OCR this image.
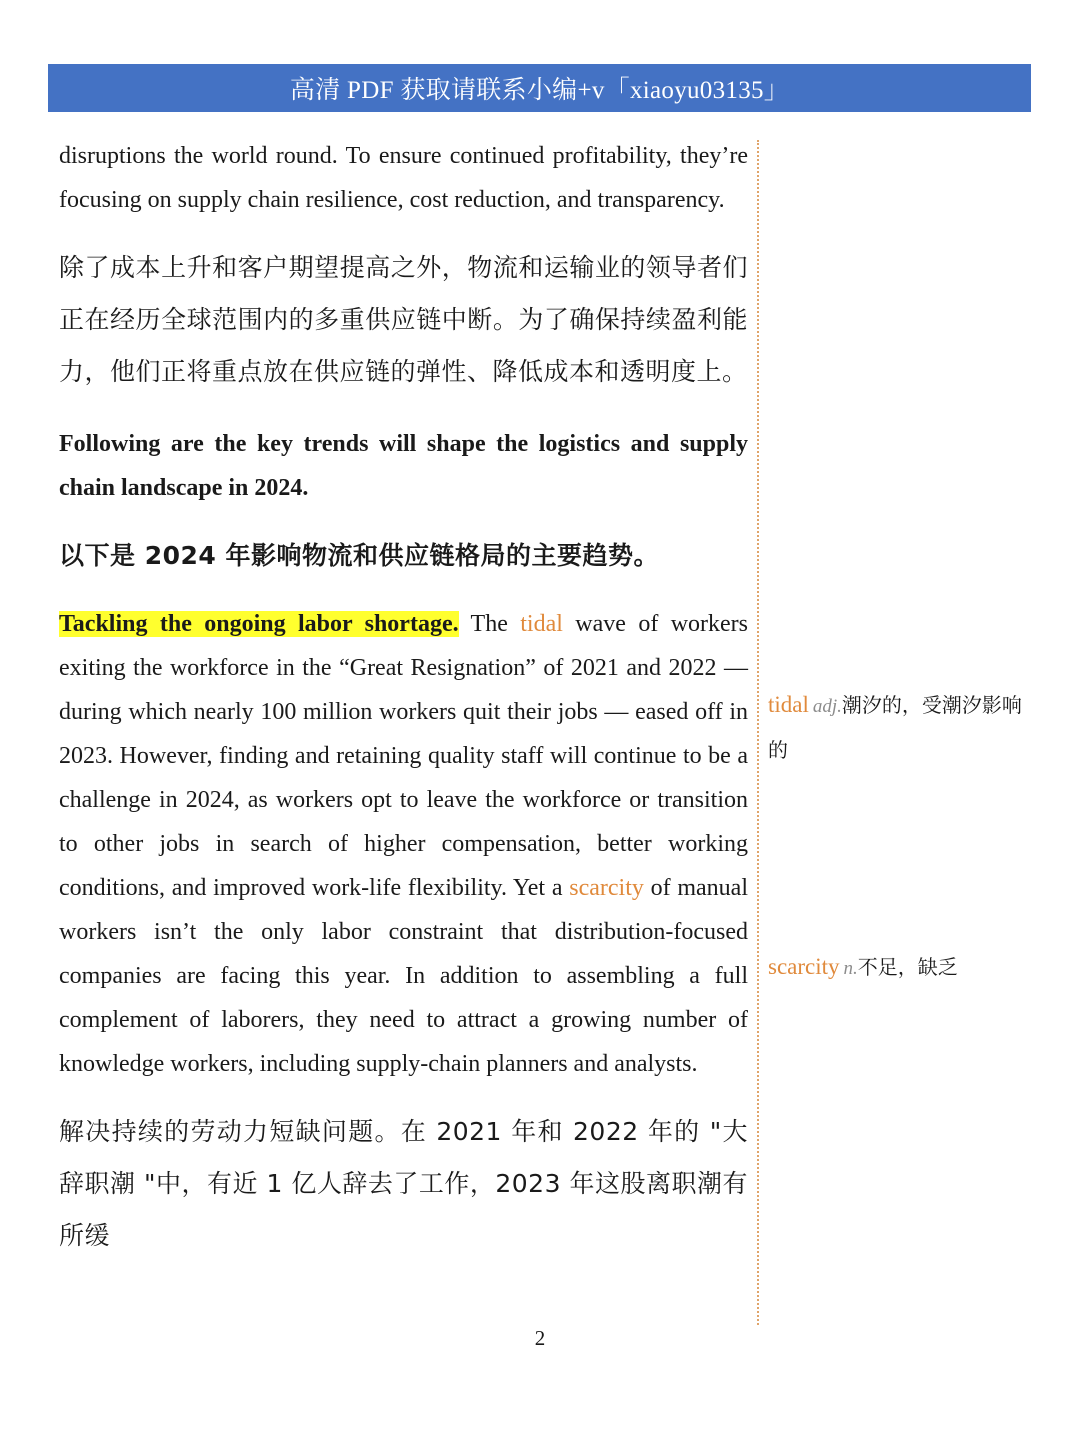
高清 PDF 获取请联系小编+v「xiaoyu03135」

disruptions the world round. To ensure continued profitability, they’re focusing on supply chain resilience, cost reduction, and transparency.

除了成本上升和客户期望提高之外，物流和运输业的领导者们正在经历全球范围内的多重供应链中断。为了确保持续盈利能力，他们正将重点放在供应链的弹性、降低成本和透明度上。

Following are the key trends will shape the logistics and supply chain landscape in 2024.

以下是 2024 年影响物流和供应链格局的主要趋势。

Tackling the ongoing labor shortage. The tidal wave of workers exiting the workforce in the “Great Resignation” of 2021 and 2022 — during which nearly 100 million workers quit their jobs — eased off in 2023. However, finding and retaining quality staff will continue to be a challenge in 2024, as workers opt to leave the workforce or transition to other jobs in search of higher compensation, better working conditions, and improved work-life flexibility. Yet a scarcity of manual workers isn’t the only labor constraint that distribution-focused companies are facing this year. In addition to assembling a full complement of laborers, they need to attract a growing number of knowledge workers, including supply-chain planners and analysts.

解决持续的劳动力短缺问题。在 2021 年和 2022 年的 "大辞职潮 "中，有近 1 亿人辞去了工作，2023 年这股离职潮有所缓

tidal adj.潮汐的，受潮汐影响的

scarcity n.不足，缺乏

2
